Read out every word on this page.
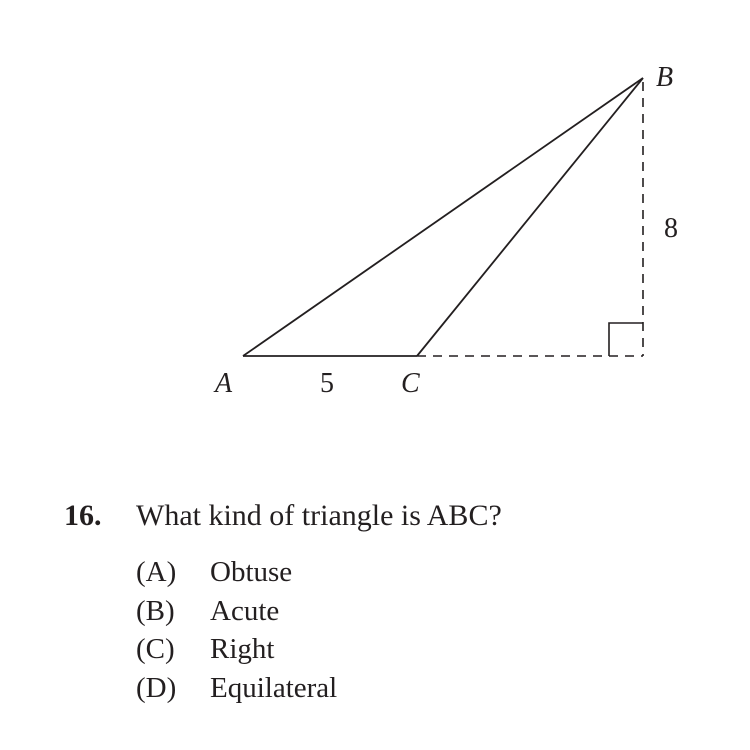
A
B
C
5
8
16. What kind of triangle is ABC?
(A) Obtuse
(B) Acute
(C) Right
(D) Equilateral
